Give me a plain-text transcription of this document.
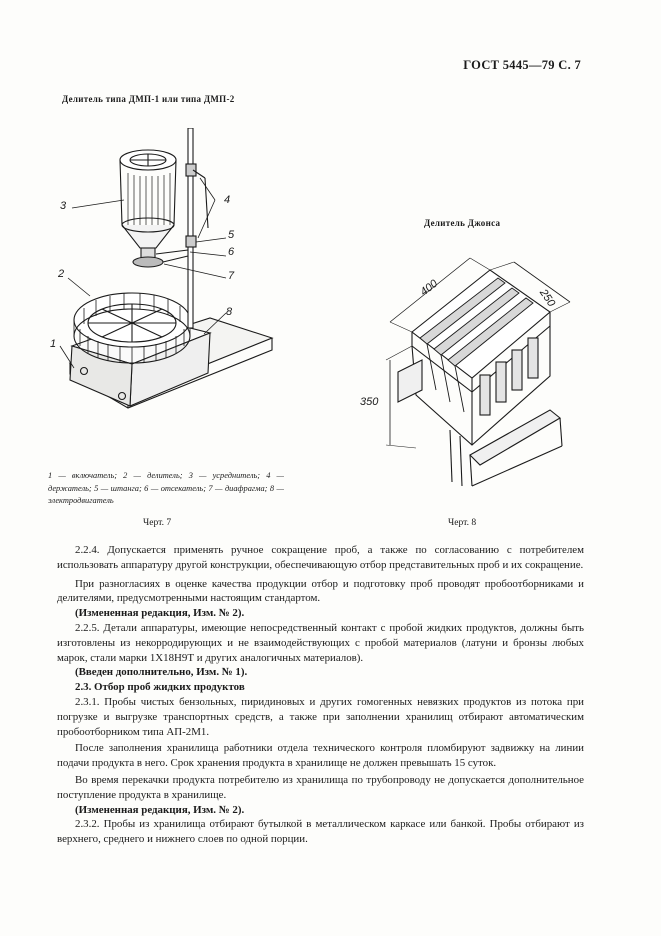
ГОСТ 5445—79 С. 7
Делитель типа ДМП-1 или типа ДМП-2
3	4
5
6
7
2
8
1
1 — включатель; 2 — делитель; 3 — усреднитель; 4 — держатель; 5 — штанга; 6 — отсекатель; 7 — диафрагма; 8 — электродвигатель
Черт. 7
Делитель Джонса
400	250
350
Черт. 8

2.2.4. Допускается применять ручное сокращение проб, а также по согласованию с потребителем использовать аппаратуру другой конструкции, обеспечивающую отбор представительных проб и их сокращение.

При разногласиях в оценке качества продукции отбор и подготовку проб проводят пробоотборниками и делителями, предусмотренными настоящим стандартом.

(Измененная редакция, Изм. № 2).

2.2.5. Детали аппаратуры, имеющие непосредственный контакт с пробой жидких продуктов, должны быть изготовлены из некорродирующих и не взаимодействующих с пробой материалов (латуни и бронзы любых марок, стали марки 1Х18Н9Т и других аналогичных материалов).

(Введен дополнительно, Изм. № 1).

2.3. Отбор проб жидких продуктов

2.3.1. Пробы чистых бензольных, пиридиновых и других гомогенных невязких продуктов из потока при погрузке и выгрузке транспортных средств, а также при заполнении хранилищ отбирают автоматическим пробоотборником типа АП-2М1.

После заполнения хранилища работники отдела технического контроля пломбируют задвижку на линии подачи продукта в него. Срок хранения продукта в хранилище не должен превышать 15 суток.

Во время перекачки продукта потребителю из хранилища по трубопроводу не допускается дополнительное поступление продукта в хранилище.

(Измененная редакция, Изм. № 2).

2.3.2. Пробы из хранилища отбирают бутылкой в металлическом каркасе или банкой. Пробы отбирают из верхнего, среднего и нижнего слоев по одной порции.
